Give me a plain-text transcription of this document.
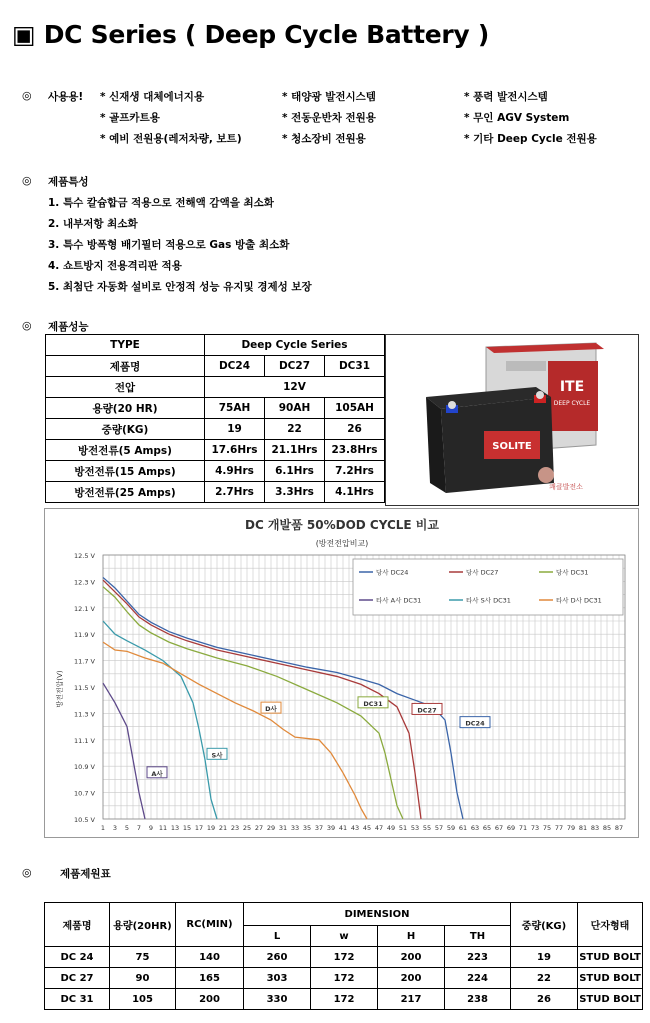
▣ DC Series ( Deep Cycle Battery )
◎ 사용용! * 신재생 대체에너지용	* 태양광 발전시스템	* 풍력 발전시스템
* 골프카트용	* 전동운반차 전원용	* 무인 AGV System
* 예비 전원용(레저차량, 보트)	* 청소장비 전원용	* 기타 Deep Cycle 전원용
◎ 제품특성
1. 특수 칼슘합금 적용으로 전해액 감액을 최소화
2. 내부저항 최소화
3. 특수 방폭형 배기필터 적용으로 Gas 방출 최소화
4. 쇼트방지 전용격리판 적용
5. 최첨단 자동화 설비로 안정적 성능 유지및 경제성 보장
◎ 제품성능
TYPE	Deep Cycle Series		
제품명	DC24	DC27	DC31
전압	12V		
용량(20 HR)	75AH	90AH	105AH
중량(KG)	19	22	26
방전전류(5 Amps)	17.6Hrs	21.1Hrs	23.8Hrs
방전전류(15 Amps)	4.9Hrs	6.1Hrs	7.2Hrs
방전전류(25 Amps)	2.7Hrs	3.3Hrs	4.1Hrs
ITE
DEEP CYCLE
SOLITE
쾌클발전소
DC 개발품 50%DOD CYCLE 비교
(방전전압비교)
방전전압(V)
12.5 V
12.3 V
12.1 V
11.9 V
11.7 V
11.5 V
11.3 V
11.1 V
10.9 V
10.7 V
10.5 V
1 3 5 7 9 11 13 15 17 19 21 23 25 27 29 31 33 35 37 39 41 43 45 47 49 51 53 55 57 59 61 63 65 67 69 71 73 75 77 79 81 83 85 87
A사
S사
D사
DC31
DC27
DC24
당사 DC24	당사 DC27	당사 DC31
타사 A사 DC31	타사 S사 DC31	타사 D사 DC31
◎	제품제원표
제품명	용량(20HR)	RC(MIN)	DIMENSION				중량(KG)	단자형태
			L	w	H	TH		
DC 24	75	140	260	172	200	223	19	STUD BOLT
DC 27	90	165	303	172	200	224	22	STUD BOLT
DC 31	105	200	330	172	217	238	26	STUD BOLT
